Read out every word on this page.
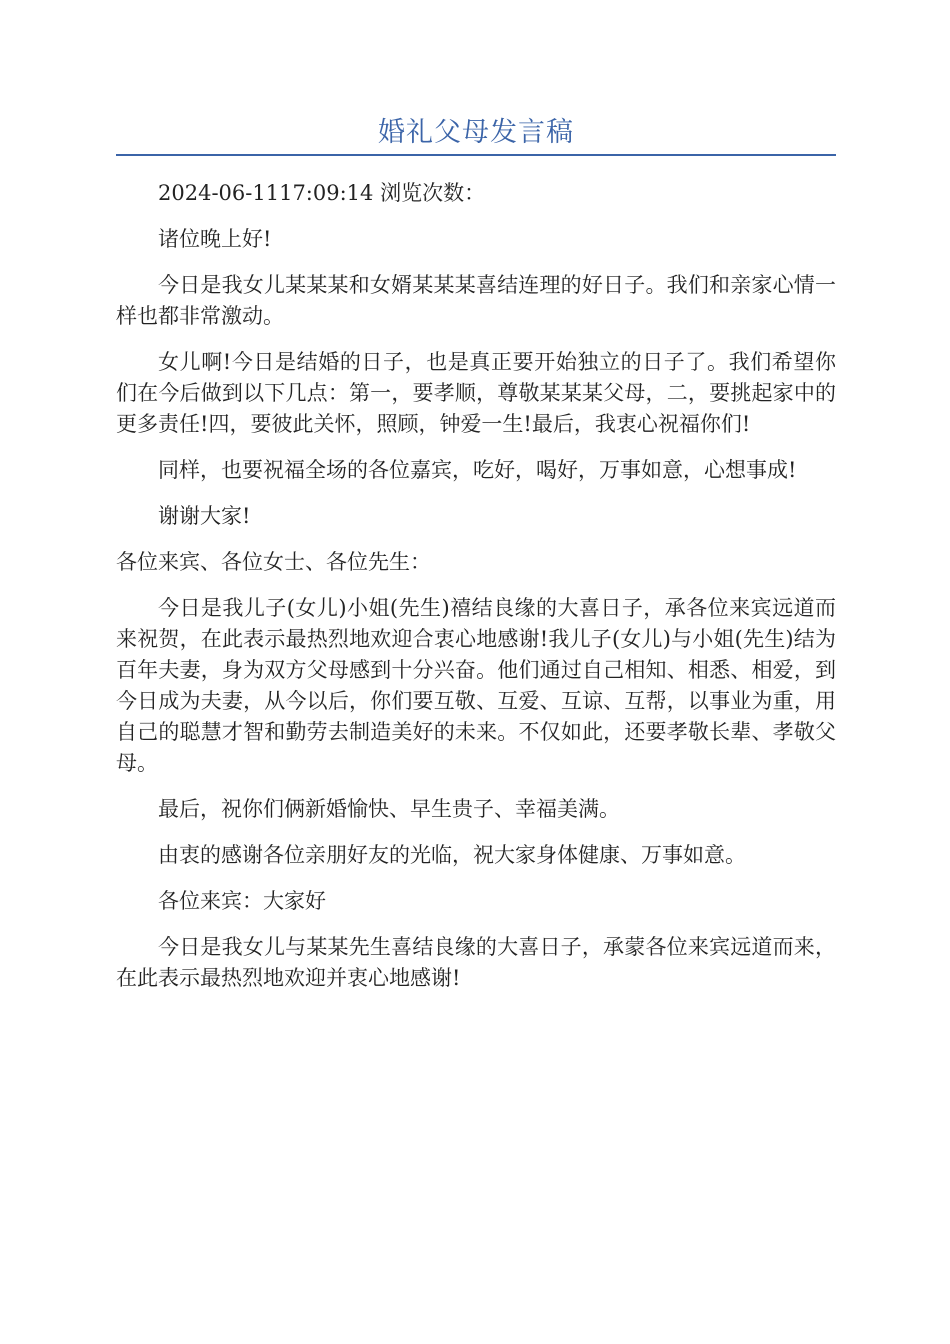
婚礼父母发言稿

2024-06-1117:09:14 浏览次数：

诸位晚上好!

今日是我女儿某某某和女婿某某某喜结连理的好日子。我们和亲家心情一样也都非常激动。

女儿啊!今日是结婚的日子，也是真正要开始独立的日子了。我们希望你们在今后做到以下几点：第一，要孝顺，尊敬某某某父母，二，要挑起家中的更多责任!四，要彼此关怀，照顾，钟爱一生!最后，我衷心祝福你们!

同样，也要祝福全场的各位嘉宾，吃好，喝好，万事如意，心想事成!

谢谢大家!

各位来宾、各位女士、各位先生：

今日是我儿子(女儿)小姐(先生)禧结良缘的大喜日子，承各位来宾远道而来祝贺，在此表示最热烈地欢迎合衷心地感谢!我儿子(女儿)与小姐(先生)结为百年夫妻，身为双方父母感到十分兴奋。他们通过自己相知、相悉、相爱，到今日成为夫妻，从今以后，你们要互敬、互爱、互谅、互帮，以事业为重，用自己的聪慧才智和勤劳去制造美好的未来。不仅如此，还要孝敬长辈、孝敬父母。

最后，祝你们俩新婚愉快、早生贵子、幸福美满。

由衷的感谢各位亲朋好友的光临，祝大家身体健康、万事如意。

各位来宾：大家好

今日是我女儿与某某先生喜结良缘的大喜日子，承蒙各位来宾远道而来，在此表示最热烈地欢迎并衷心地感谢!
